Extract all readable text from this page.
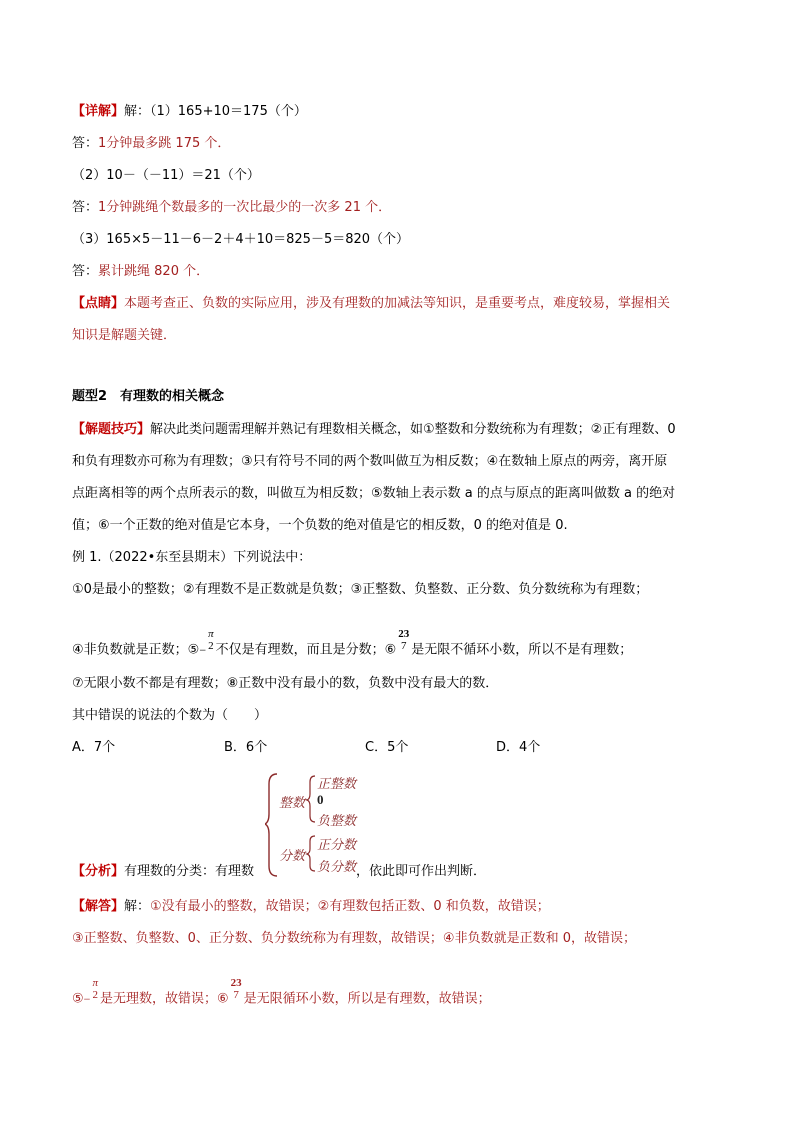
【详解】解：（1）165+10＝175（个）
答：1分钟最多跳 175 个．
（2）10－（－11）＝21（个）
答：1分钟跳绳个数最多的一次比最少的一次多 21 个．
（3）165×5－11－6－2＋4＋10＝825－5＝820（个）
答：累计跳绳 820 个．
【点睛】本题考查正、负数的实际应用，涉及有理数的加减法等知识，是重要考点，难度较易，掌握相关
知识是解题关键．
题型2　有理数的相关概念
【解题技巧】解决此类问题需理解并熟记有理数相关概念，如①整数和分数统称为有理数；②正有理数、0
和负有理数亦可称为有理数；③只有符号不同的两个数叫做互为相反数；④在数轴上原点的两旁，离开原
点距离相等的两个点所表示的数，叫做互为相反数；⑤数轴上表示数 a 的点与原点的距离叫做数 a 的绝对
值；⑥一个正数的绝对值是它本身，一个负数的绝对值是它的相反数，0 的绝对值是 0.
例 1.（2022•东至县期末）下列说法中：
①0是最小的整数；②有理数不是正数就是负数；③正整数、负整数、正分数、负分数统称为有理数；
④非负数就是正数；⑤−
π
2 不仅是有理数，而且是分数；⑥
23
7 是无限不循环小数，所以不是有理数；
⑦无限小数不都是有理数；⑧正数中没有最小的数，负数中没有最大的数．
其中错误的说法的个数为（　　）
A．7个	B．6个	C．5个	D．4个
整数
正整数
0
负整数
分数
正分数
负分数
【分析】有理数的分类：有理数	，依此即可作出判断．
【解答】解：①没有最小的整数，故错误；②有理数包括正数、0 和负数，故错误；
③正整数、负整数、0、正分数、负分数统称为有理数，故错误；④非负数就是正数和 0，故错误；
⑤−
π
2 是无理数，故错误；⑥
23
7 是无限循环小数，所以是有理数，故错误；
